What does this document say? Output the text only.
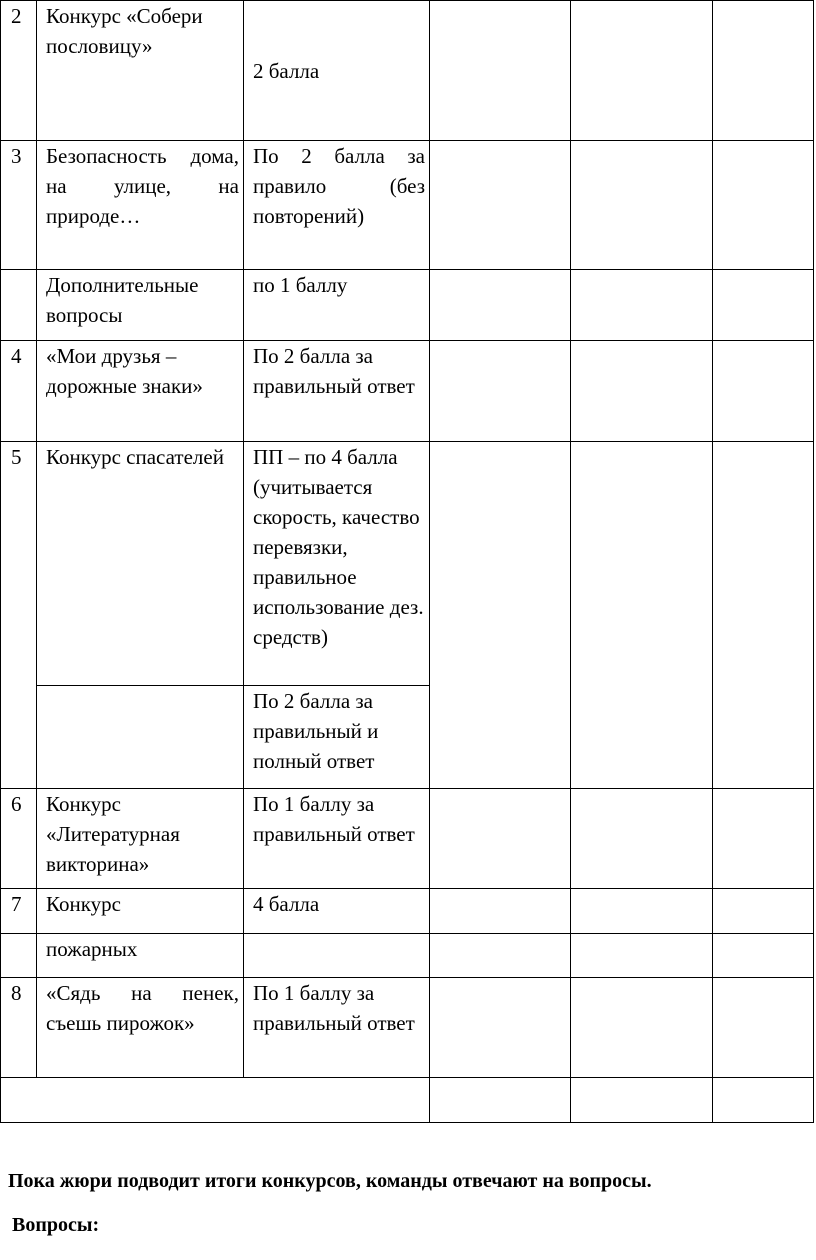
2	Конкурс «Собери пословицу»	2 балла			
3	Безопасность дома, на улице, на природе…	По 2 балла за правило (без повторений)			
	Дополнительные вопросы	по 1 баллу			
4	«Мои друзья – дорожные знаки»	По 2 балла за правильный ответ			
5	Конкурс спасателей	ПП – по 4 балла (учитывается скорость, качество перевязки, правильное использование дез. средств)			
		По 2 балла за правильный и полный ответ			
6	Конкурс «Литературная викторина»	По 1 баллу за правильный ответ			
7	Конкурс	4 балла			
	пожарных				
8	«Сядь на пенек, съешь пирожок»	По 1 баллу за правильный ответ			

Пока жюри подводит итоги конкурсов, команды отвечают на вопросы.
Вопросы:
